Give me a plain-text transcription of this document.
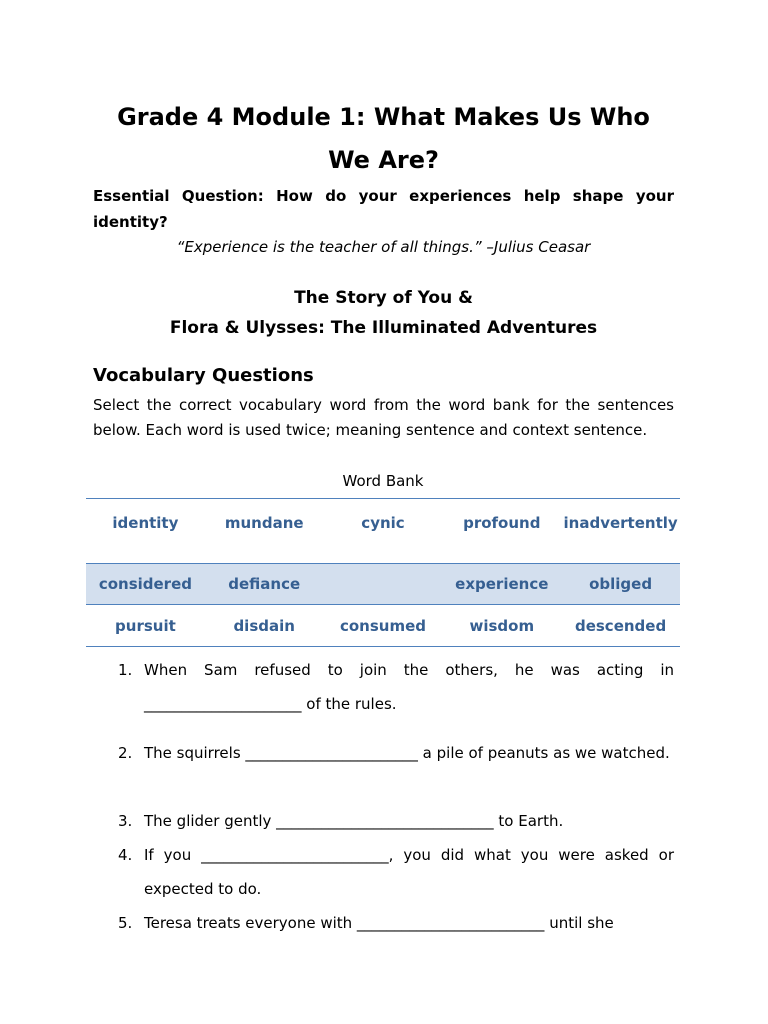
Grade 4 Module 1: What Makes Us Who We Are?
Essential Question: How do your experiences help shape your identity?
“Experience is the teacher of all things.” –Julius Ceasar
The Story of You &
Flora & Ulysses: The Illuminated Adventures
Vocabulary Questions
Select the correct vocabulary word from the word bank for the sentences below. Each word is used twice; meaning sentence and context sentence.
Word Bank
identity	mundane	cynic	profound	inadvertently
considered	defiance		experience	obliged
pursuit	disdain	consumed	wisdom	descended
1. When Sam refused to join the others, he was acting in _____________________ of the rules.
2. The squirrels _______________________ a pile of peanuts as we watched.
3. The glider gently _____________________________ to Earth.
4. If you _________________________, you did what you were asked or expected to do.
5. Teresa treats everyone with _________________________ until she
